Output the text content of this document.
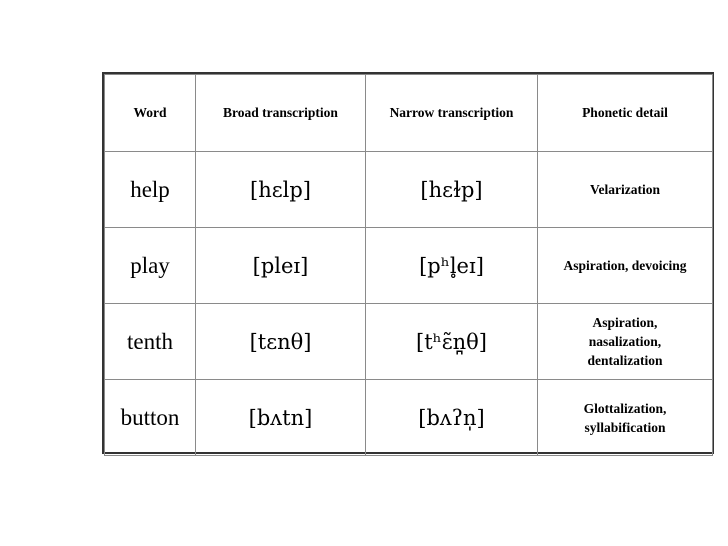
Word	Broad transcription	Narrow transcription	Phonetic detail
help	[hɛlp]	[hɛɫp]	Velarization

play	[pleɪ]	[pʰl̥eɪ]	Aspiration, devoicing

tenth	[tɛnθ]	[tʰɛ̃n̪θ]	Aspiration,
nasalization,
dentalization

button	[bʌtn]	[bʌʔn̩]	Glottalization,
syllabification
